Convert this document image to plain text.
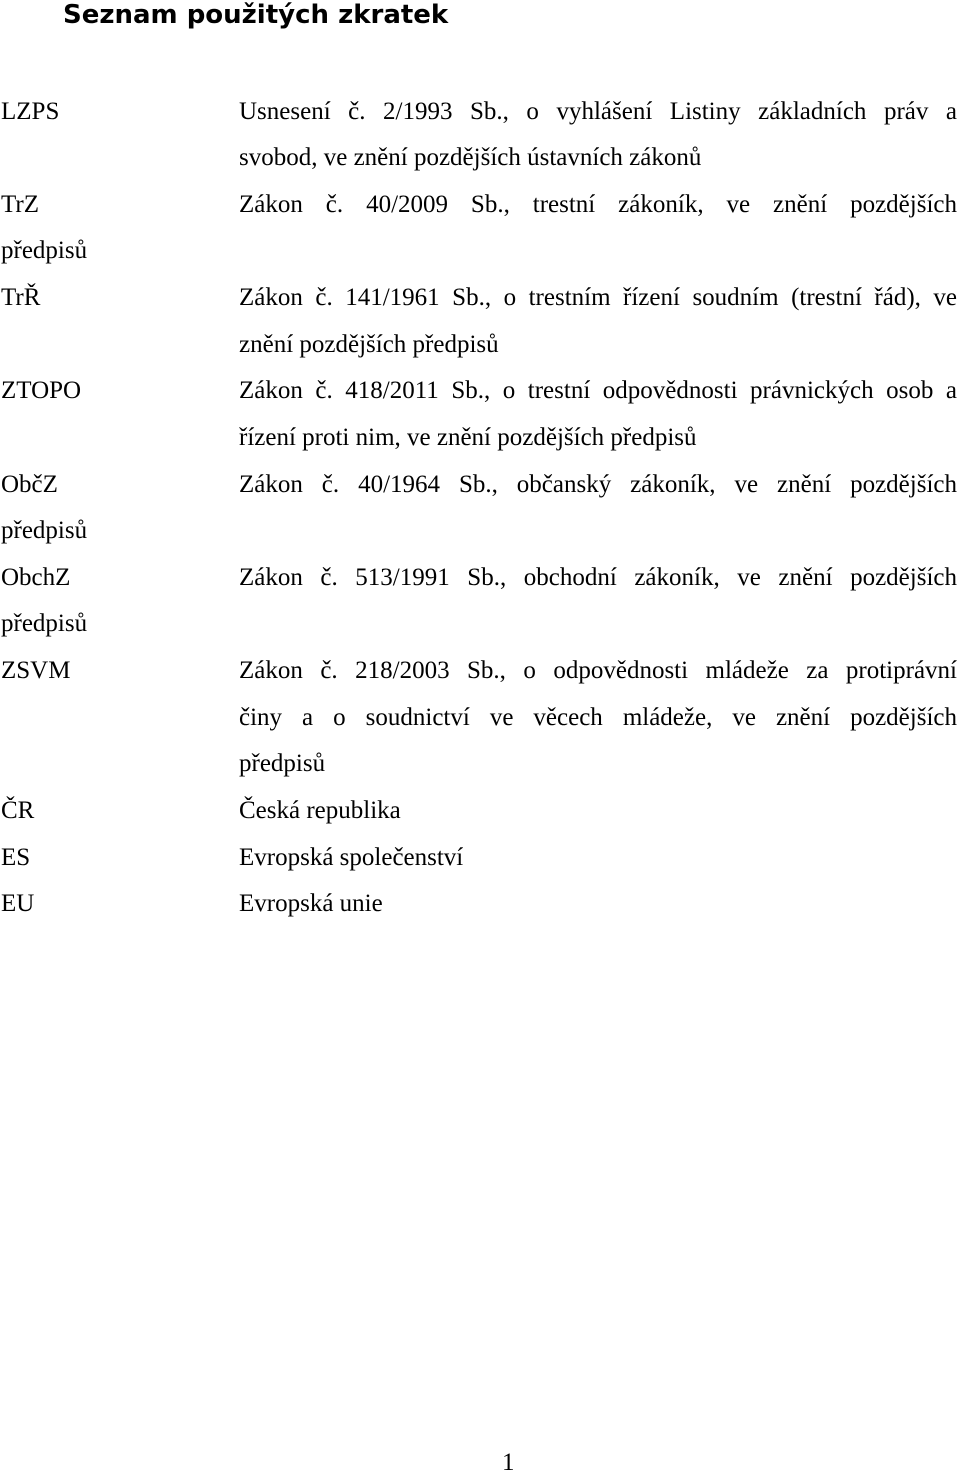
Seznam použitých zkratek
LZPS	Usnesení č. 2/1993 Sb., o vyhlášení Listiny základních práv a
svobod, ve znění pozdějších ústavních zákonů
TrZ	Zákon č. 40/2009 Sb., trestní zákoník, ve znění pozdějších
předpisů
TrŘ	Zákon č. 141/1961 Sb., o trestním řízení soudním (trestní řád), ve
znění pozdějších předpisů
ZTOPO	Zákon č. 418/2011 Sb., o trestní odpovědnosti právnických osob a
řízení proti nim, ve znění pozdějších předpisů
ObčZ	Zákon č. 40/1964 Sb., občanský zákoník, ve znění pozdějších
předpisů
ObchZ	Zákon č. 513/1991 Sb., obchodní zákoník, ve znění pozdějších
předpisů
ZSVM	Zákon č. 218/2003 Sb., o odpovědnosti mládeže za protiprávní
činy a o soudnictví ve věcech mládeže, ve znění pozdějších
předpisů
ČR	Česká republika
ES	Evropská společenství
EU	Evropská unie
1
